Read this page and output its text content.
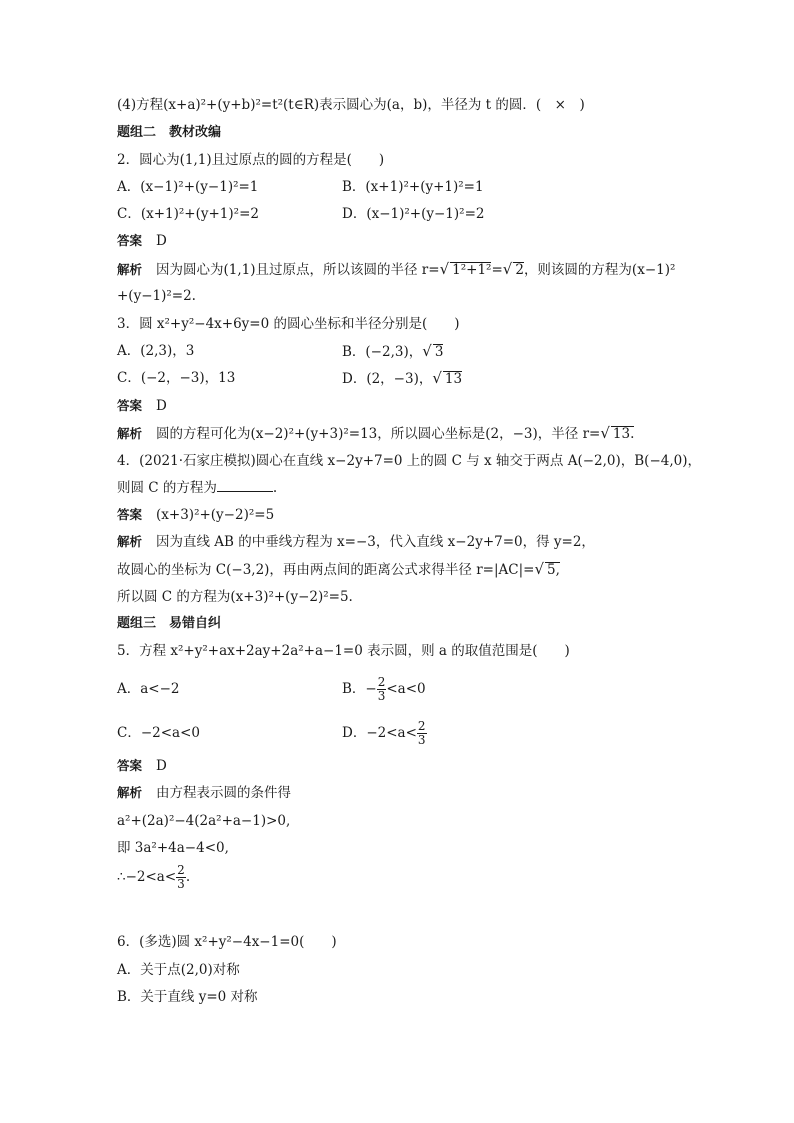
(4)方程(x+a)²+(y+b)²=t²(t∈R)表示圆心为(a，b)，半径为 t 的圆．(　×　)
题组二　教材改编
2．圆心为(1,1)且过原点的圆的方程是(　　)
A．(x−1)²+(y−1)²=1	B．(x+1)²+(y+1)²=1
C．(x+1)²+(y+1)²=2	D．(x−1)²+(y−1)²=2
答案 D
解析 因为圆心为(1,1)且过原点，所以该圆的半径 r=√ 1²+1²=√ 2，则该圆的方程为(x−1)²
+(y−1)²=2.
3．圆 x²+y²−4x+6y=0 的圆心坐标和半径分别是(　　)
A．(2,3)，3	B．(−2,3)，√ 3
C．(−2，−3)，13	D．(2，−3)，√ 13
答案 D
解析 圆的方程可化为(x−2)²+(y+3)²=13，所以圆心坐标是(2，−3)，半径 r=√ 13.
4．(2021·石家庄模拟)圆心在直线 x−2y+7=0 上的圆 C 与 x 轴交于两点 A(−2,0)，B(−4,0)，
则圆 C 的方程为	.
答案 (x+3)²+(y−2)²=5
解析 因为直线 AB 的中垂线方程为 x=−3，代入直线 x−2y+7=0，得 y=2，
故圆心的坐标为 C(−3,2)，再由两点间的距离公式求得半径 r=|AC|=√ 5,
所以圆 C 的方程为(x+3)²+(y−2)²=5.
题组三　易错自纠
5．方程 x²+y²+ax+2ay+2a²+a−1=0 表示圆，则 a 的取值范围是(　　)
A．a<−2	B．− $\frac{2}{3} <a<0$
C．−2<a<0	D．$-2<a< \frac{2}{3}$
答案 D
解析 由方程表示圆的条件得
a²+(2a)²−4(2a²+a−1)>0,
即 3a²+4a−4<0,
∴−2<a< $\frac{2}{3}$ .
6．(多选)圆 x²+y²−4x−1=0(　　)
A．关于点(2,0)对称
B．关于直线 y=0 对称
